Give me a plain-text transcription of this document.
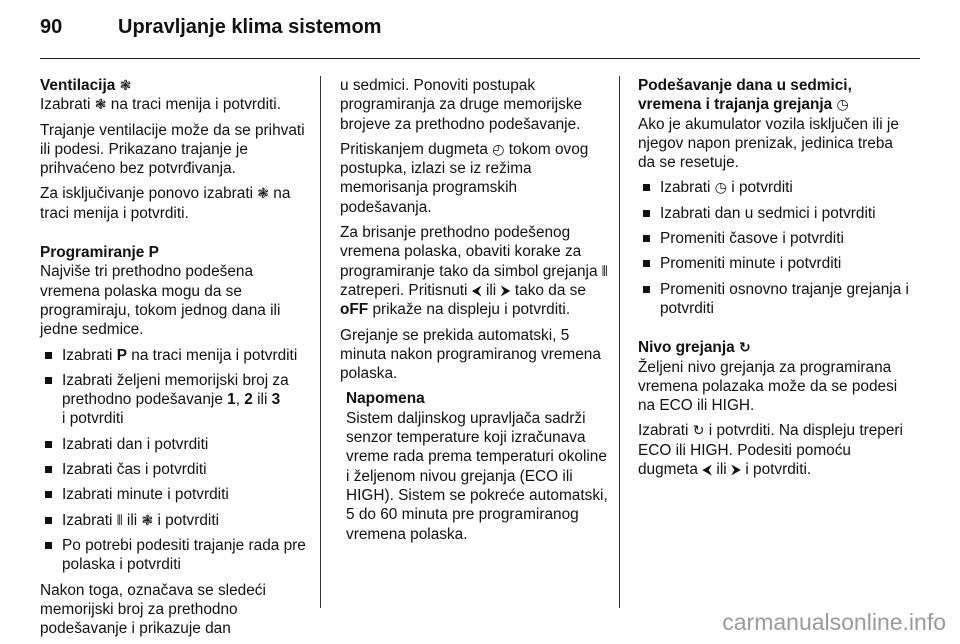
90	Upravljanje klima sistemom

Ventilacija ❃

Izabrati ❃ na traci menija i potvrditi.

Trajanje ventilacije može da se prihvati ili podesi. Prikazano trajanje je prihvaćeno bez potvrđivanja.

Za isključivanje ponovo izabrati ❃ na traci menija i potvrditi.

Programiranje P

Najviše tri prethodno podešena vremena polaska mogu da se programiraju, tokom jednog dana ili jedne sedmice.

Izabrati P na traci menija i potvrditi
Izabrati željeni memorijski broj za prethodno podešavanje 1, 2 ili 3
i potvrditi
Izabrati dan i potvrditi
Izabrati čas i potvrditi
Izabrati minute i potvrditi
Izabrati ⫴ ili ❃ i potvrditi
Po potrebi podesiti trajanje rada pre polaska i potvrditi

Nakon toga, označava se sledeći memorijski broj za prethodno podešavanje i prikazuje dan

u sedmici. Ponoviti postupak programiranja za druge memorijske brojeve za prethodno podešavanje.

Pritiskanjem dugmeta ◴ tokom ovog postupka, izlazi se iz režima memorisanja programskih podešavanja.

Za brisanje prethodno podešenog vremena polaska, obaviti korake za programiranje tako da simbol grejanja ⫴ zatreperi. Pritisnuti ⮜ ili ⮞ tako da se oFF prikaže na displeju i potvrditi.

Grejanje se prekida automatski, 5 minuta nakon programiranog vremena polaska.

Napomena

Sistem daljinskog upravljača sadrži senzor temperature koji izračunava vreme rada prema temperaturi okoline i željenom nivou grejanja (ECO ili HIGH). Sistem se pokreće automatski, 5 do 60 minuta pre programiranog vremena polaska.

Podešavanje dana u sedmici, vremena i trajanja grejanja ◷

Ako je akumulator vozila isključen ili je njegov napon prenizak, jedinica treba da se resetuje.

Izabrati ◷ i potvrditi
Izabrati dan u sedmici i potvrditi
Promeniti časove i potvrditi
Promeniti minute i potvrditi
Promeniti osnovno trajanje grejanja i potvrditi

Nivo grejanja ↻

Željeni nivo grejanja za programirana vremena polazaka može da se podesi na ECO ili HIGH.

Izabrati ↻ i potvrditi. Na displeju treperi ECO ili HIGH. Podesiti pomoću dugmeta ⮜ ili ⮞ i potvrditi.

carmanualsonline.info
